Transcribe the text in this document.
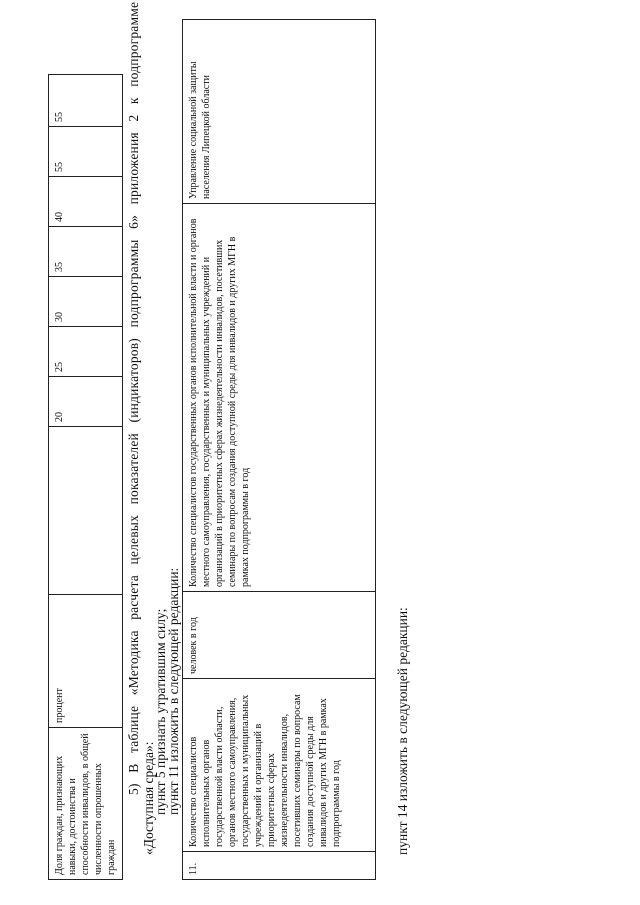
Доля граждан, признающих навыки, достоинства и способности инвалидов, в общей численности опрошенных граждан	процент		20	25	30	35	40	55	55	5) В таблице «Методика расчета целевых показателей (индикаторов) подпрограммы 6» приложения 2 к подпрограмме
«Доступная среда»:
пункт 5 признать утратившим силу;
пункт 11 изложить в следующей редакции:
11.	Количество специалистов исполнительных органов государственной власти области, органов местного самоуправления, государственных и муниципальных учреждений и организаций в приоритетных сферах жизнедеятельности инвалидов, посетивших семинары по вопросам создания доступной среды для инвалидов и других МГН в рамках подпрограммы в год	человек в год	Количество специалистов государственных органов исполнительной власти и органов местного самоуправления, государственных и муниципальных учреждений и организаций в приоритетных сферах жизнедеятельности инвалидов, посетивших семинары по вопросам создания доступной среды для инвалидов и других МГН в рамках подпрограммы в год	Управление социальной защиты населения Липецкой области
пункт 14 изложить в следующей редакции:
